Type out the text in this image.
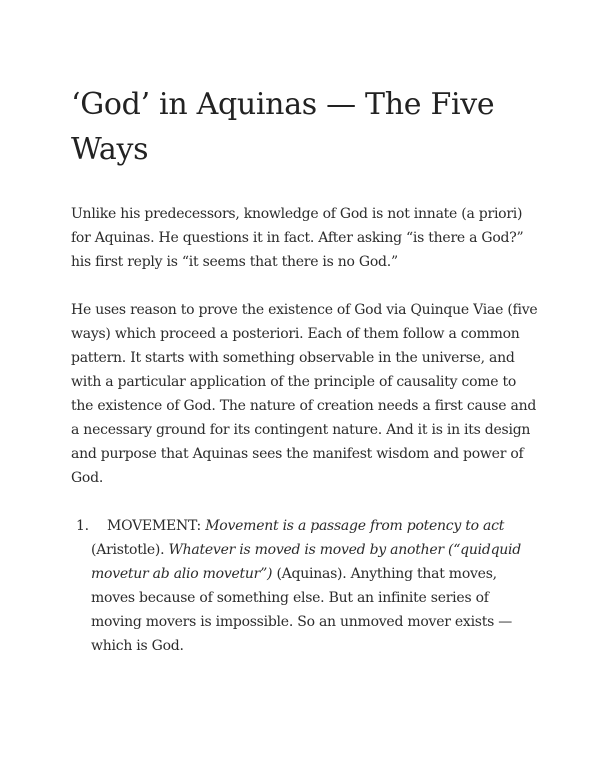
‘God’ in Aquinas — The Five Ways

Unlike his predecessors, knowledge of God is not innate (a priori) for Aquinas. He questions it in fact. After asking “is there a God?” his first reply is “it seems that there is no God.”

He uses reason to prove the existence of God via Quinque Viae (five ways) which proceed a posteriori. Each of them follow a common pattern. It starts with something observable in the universe, and with a particular application of the principle of causality come to the existence of God. The nature of creation needs a first cause and a necessary ground for its contingent nature. And it is in its design and purpose that Aquinas sees the manifest wisdom and power of God.

1. MOVEMENT: Movement is a passage from potency to act (Aristotle). Whatever is moved is moved by another (“quidquid movetur ab alio movetur”) (Aquinas). Anything that moves, moves because of something else. But an infinite series of moving movers is impossible. So an unmoved mover exists — which is God.
